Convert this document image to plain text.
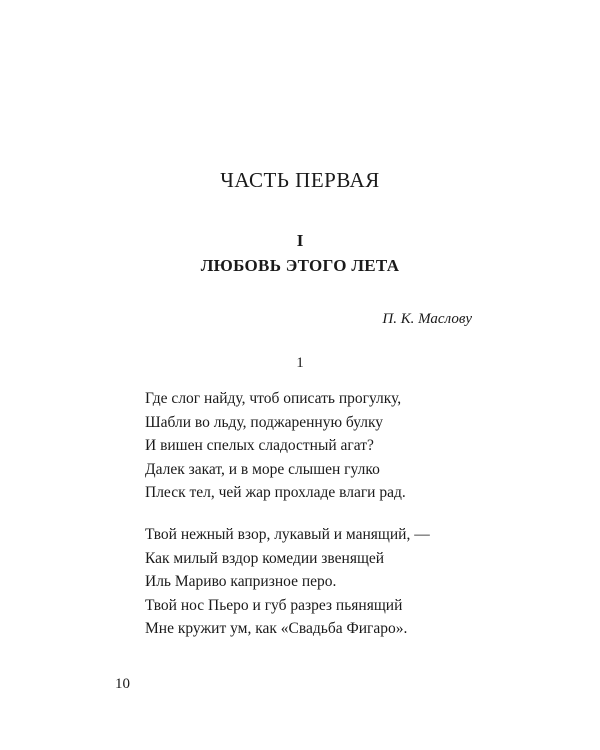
ЧАСТЬ ПЕРВАЯ
I
ЛЮБОВЬ ЭТОГО ЛЕТА
П. К. Маслову
1
Где слог найду, чтоб описать прогулку,
Шабли во льду, поджаренную булку
И вишен спелых сладостный агат?
Далек закат, и в море слышен гулко
Плеск тел, чей жар прохладе влаги рад.
Твой нежный взор, лукавый и манящий, —
Как милый вздор комедии звенящей
Иль Мариво капризное перо.
Твой нос Пьеро и губ разрез пьянящий
Мне кружит ум, как «Свадьба Фигаро».
10
